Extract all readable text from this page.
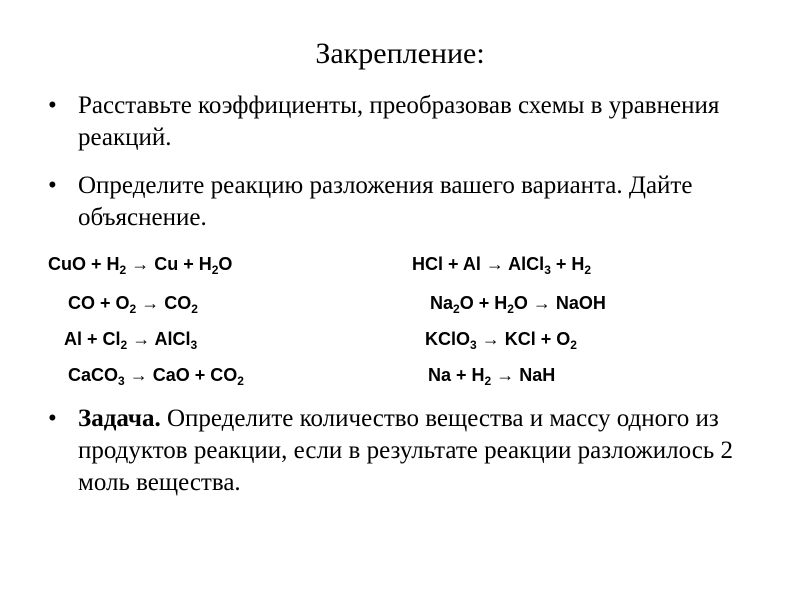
Закрепление:
• Расставьте коэффициенты, преобразовав схемы в уравнения реакций.
• Определите реакцию разложения вашего варианта. Дайте объяснение.
CuO + $H_2 \to Cu + H_2O$
CO + $O_2 \to CO_2$
$Al + Cl_2$ → AlCl$_3$
CaCO$_3$ → CaO + $CO_2$
HCl + Al → AlCl$_3$ + $H_2$
$Na_2O + H_2O$ → NaOH
KClO$_3$ → KCl + $O_2$
$Na + H_2$ → NaH
• Задача. Определите количество вещества и массу одного из продуктов реакции, если в результате реакции разложилось 2 моль вещества.
